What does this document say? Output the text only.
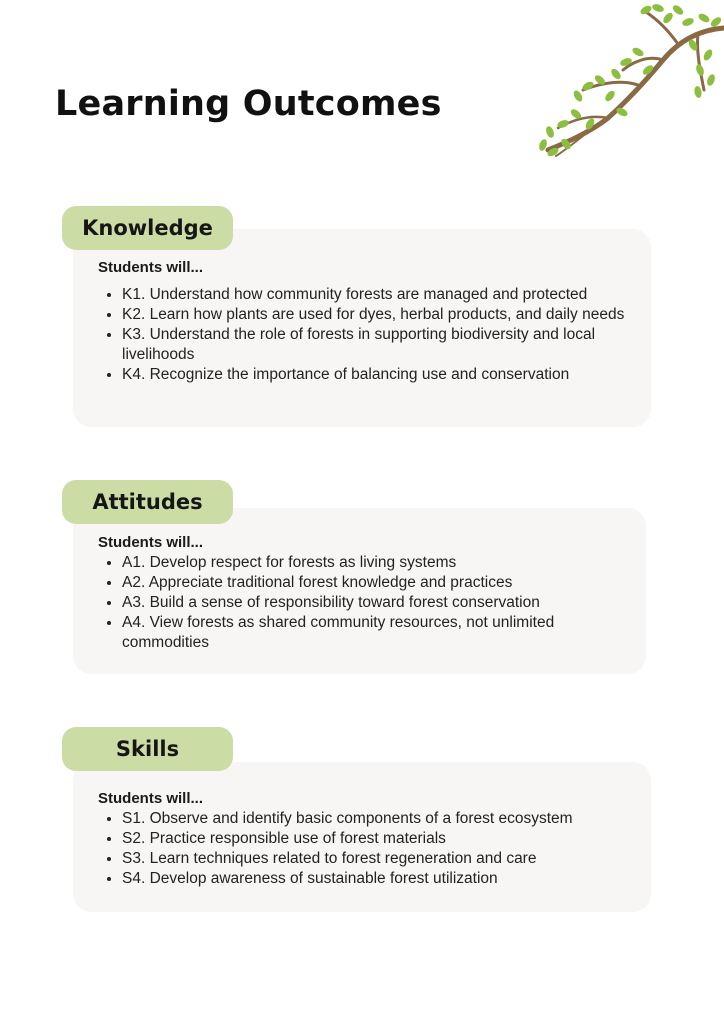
Learning Outcomes

Students will...

• K1. Understand how community forests are managed and protected
• K2. Learn how plants are used for dyes, herbal products, and daily needs
• K3. Understand the role of forests in supporting biodiversity and local livelihoods
• K4. Recognize the importance of balancing use and conservation
Knowledge

Students will...

• A1. Develop respect for forests as living systems
• A2. Appreciate traditional forest knowledge and practices
• A3. Build a sense of responsibility toward forest conservation
• A4. View forests as shared community resources, not unlimited commodities
Attitudes

Students will...

• S1. Observe and identify basic components of a forest ecosystem
• S2. Practice responsible use of forest materials
• S3. Learn techniques related to forest regeneration and care
• S4. Develop awareness of sustainable forest utilization
Skills
